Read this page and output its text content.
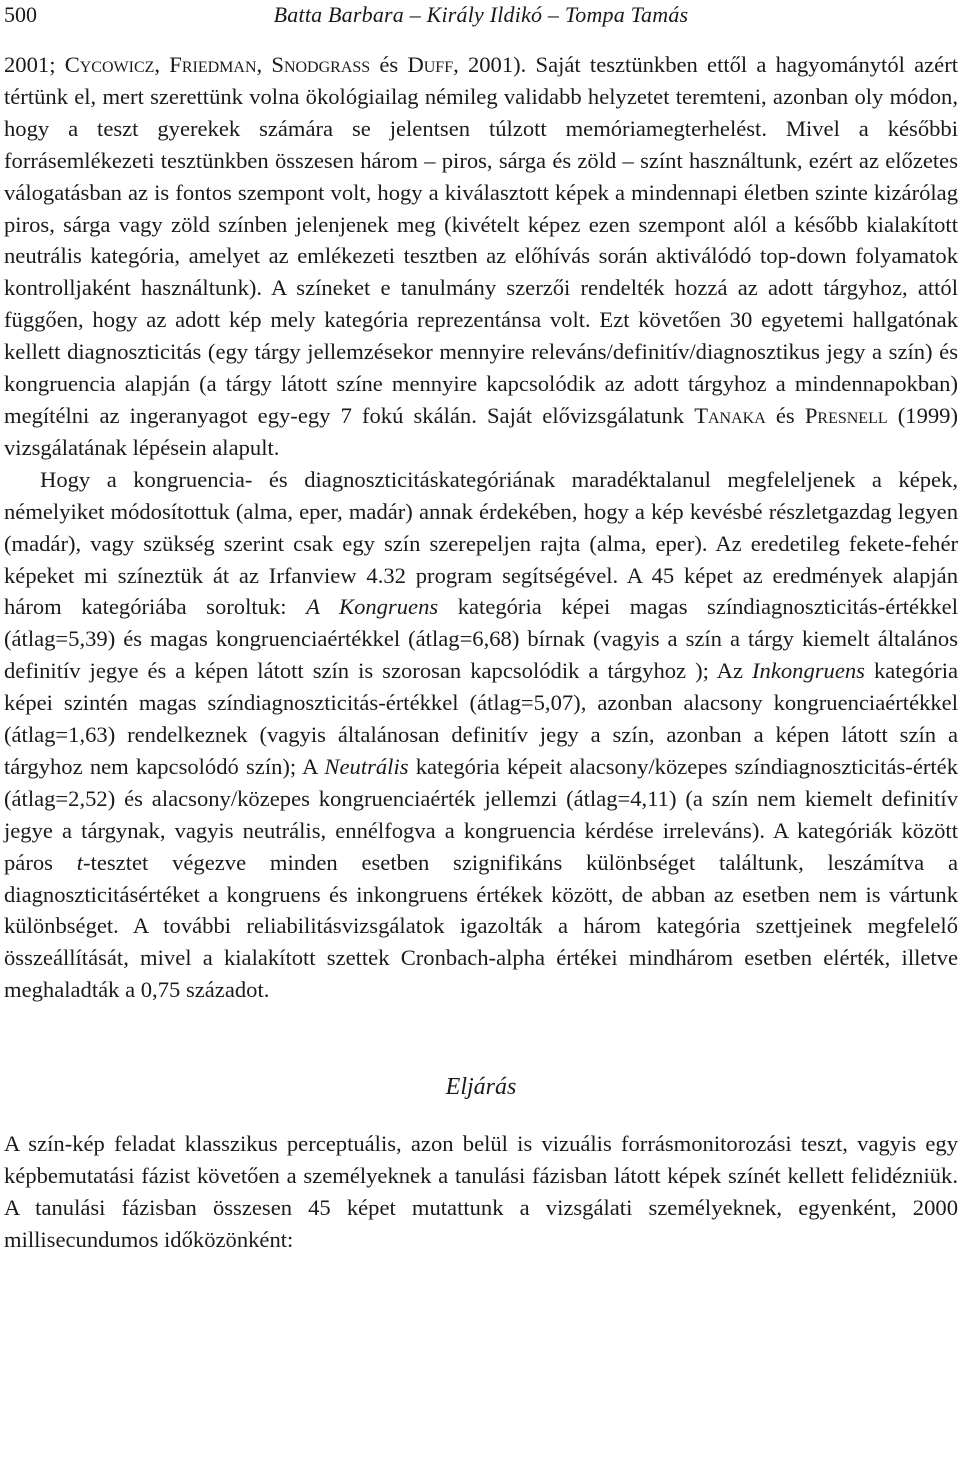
500	Batta Barbara – Király Ildikó – Tompa Tamás

2001; Cycowicz, Friedman, Snodgrass és Duff, 2001). Saját tesztünkben ettől a hagyománytól azért tértünk el, mert szerettünk volna ökológiailag némileg validabb helyzetet teremteni, azonban oly módon, hogy a teszt gyerekek számára se jelentsen túlzott memóriamegterhelést. Mivel a későbbi forrásemlékezeti tesztünkben összesen három – piros, sárga és zöld – színt használtunk, ezért az előzetes válogatásban az is fontos szempont volt, hogy a kiválasztott képek a mindennapi életben szinte kizárólag piros, sárga vagy zöld színben jelenjenek meg (kivételt képez ezen szempont alól a később kialakított neutrális kategória, amelyet az emlékezeti tesztben az előhívás során aktiválódó top-down folyamatok kontrolljaként használtunk). A színeket e tanulmány szerzői rendelték hozzá az adott tárgyhoz, attól függően, hogy az adott kép mely kategória reprezentánsa volt. Ezt követően 30 egyetemi hallgatónak kellett diagnoszticitás (egy tárgy jellemzésekor mennyire releváns/definitív/diagnosztikus jegy a szín) és kongruencia alapján (a tárgy látott színe mennyire kapcsolódik az adott tárgyhoz a mindennapokban) megítélni az ingeranyagot egy-egy 7 fokú skálán. Saját elővizsgálatunk Tanaka és Presnell (1999) vizsgálatának lépésein alapult.

Hogy a kongruencia- és diagnoszticitáskategóriának maradéktalanul megfeleljenek a képek, némelyiket módosítottuk (alma, eper, madár) annak érdekében, hogy a kép kevésbé részletgazdag legyen (madár), vagy szükség szerint csak egy szín szerepeljen rajta (alma, eper). Az eredetileg fekete-fehér képeket mi színeztük át az Irfanview 4.32 program segítségével. A 45 képet az eredmények alapján három kategóriába soroltuk: A Kongruens kategória képei magas színdiagnoszticitás-értékkel (átlag=5,39) és magas kongruenciaértékkel (átlag=6,68) bírnak (vagyis a szín a tárgy kiemelt általános definitív jegye és a képen látott szín is szorosan kapcsolódik a tárgyhoz ); Az Inkongruens kategória képei szintén magas színdiagnoszticitás-értékkel (átlag=5,07), azonban alacsony kongruenciaértékkel (átlag=1,63) rendelkeznek (vagyis általánosan definitív jegy a szín, azonban a képen látott szín a tárgyhoz nem kapcsolódó szín); A Neutrális kategória képeit alacsony/közepes színdiagnoszticitás-érték (átlag=2,52) és alacsony/közepes kongruenciaérték jellemzi (átlag=4,11) (a szín nem kiemelt definitív jegye a tárgynak, vagyis neutrális, ennélfogva a kongruencia kérdése irreleváns). A kategóriák között páros t-tesztet végezve minden esetben szignifikáns különbséget találtunk, leszámítva a diagnoszticitásértéket a kongruens és inkongruens értékek között, de abban az esetben nem is vártunk különbséget. A további reliabilitásvizsgálatok igazolták a három kategória szettjeinek megfelelő összeállítását, mivel a kialakított szettek Cronbach-alpha értékei mindhárom esetben elérték, illetve meghaladták a 0,75 századot.

Eljárás

A szín-kép feladat klasszikus perceptuális, azon belül is vizuális forrásmonitorozási teszt, vagyis egy képbemutatási fázist követően a személyeknek a tanulási fázisban látott képek színét kellett felidézniük. A tanulási fázisban összesen 45 képet mutattunk a vizsgálati személyeknek, egyenként, 2000 millisecundumos időközönként:
